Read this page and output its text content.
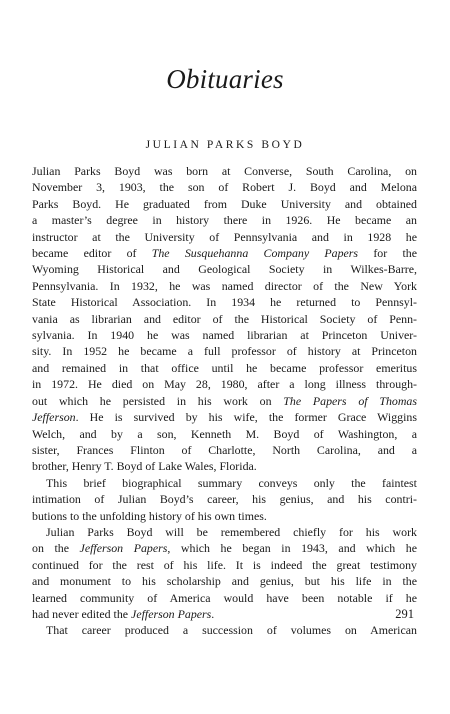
Obituaries
JULIAN PARKS BOYD
Julian Parks Boyd was born at Converse, South Carolina, on
November 3, 1903, the son of Robert J. Boyd and Melona
Parks Boyd. He graduated from Duke University and obtained
a master’s degree in history there in 1926. He became an
instructor at the University of Pennsylvania and in 1928 he
became editor of The Susquehanna Company Papers for the
Wyoming Historical and Geological Society in Wilkes-Barre,
Pennsylvania. In 1932, he was named director of the New York
State Historical Association. In 1934 he returned to Pennsyl-
vania as librarian and editor of the Historical Society of Penn-
sylvania. In 1940 he was named librarian at Princeton Univer-
sity. In 1952 he became a full professor of history at Princeton
and remained in that office until he became professor emeritus
in 1972. He died on May 28, 1980, after a long illness through-
out which he persisted in his work on The Papers of Thomas
Jefferson. He is survived by his wife, the former Grace Wiggins
Welch, and by a son, Kenneth M. Boyd of Washington, a
sister, Frances Flinton of Charlotte, North Carolina, and a
brother, Henry T. Boyd of Lake Wales, Florida.
This brief biographical summary conveys only the faintest
intimation of Julian Boyd’s career, his genius, and his contri-
butions to the unfolding history of his own times.
Julian Parks Boyd will be remembered chiefly for his work
on the Jefferson Papers, which he began in 1943, and which he
continued for the rest of his life. It is indeed the great testimony
and monument to his scholarship and genius, but his life in the
learned community of America would have been notable if he
had never edited the Jefferson Papers.
That career produced a succession of volumes on American
291
